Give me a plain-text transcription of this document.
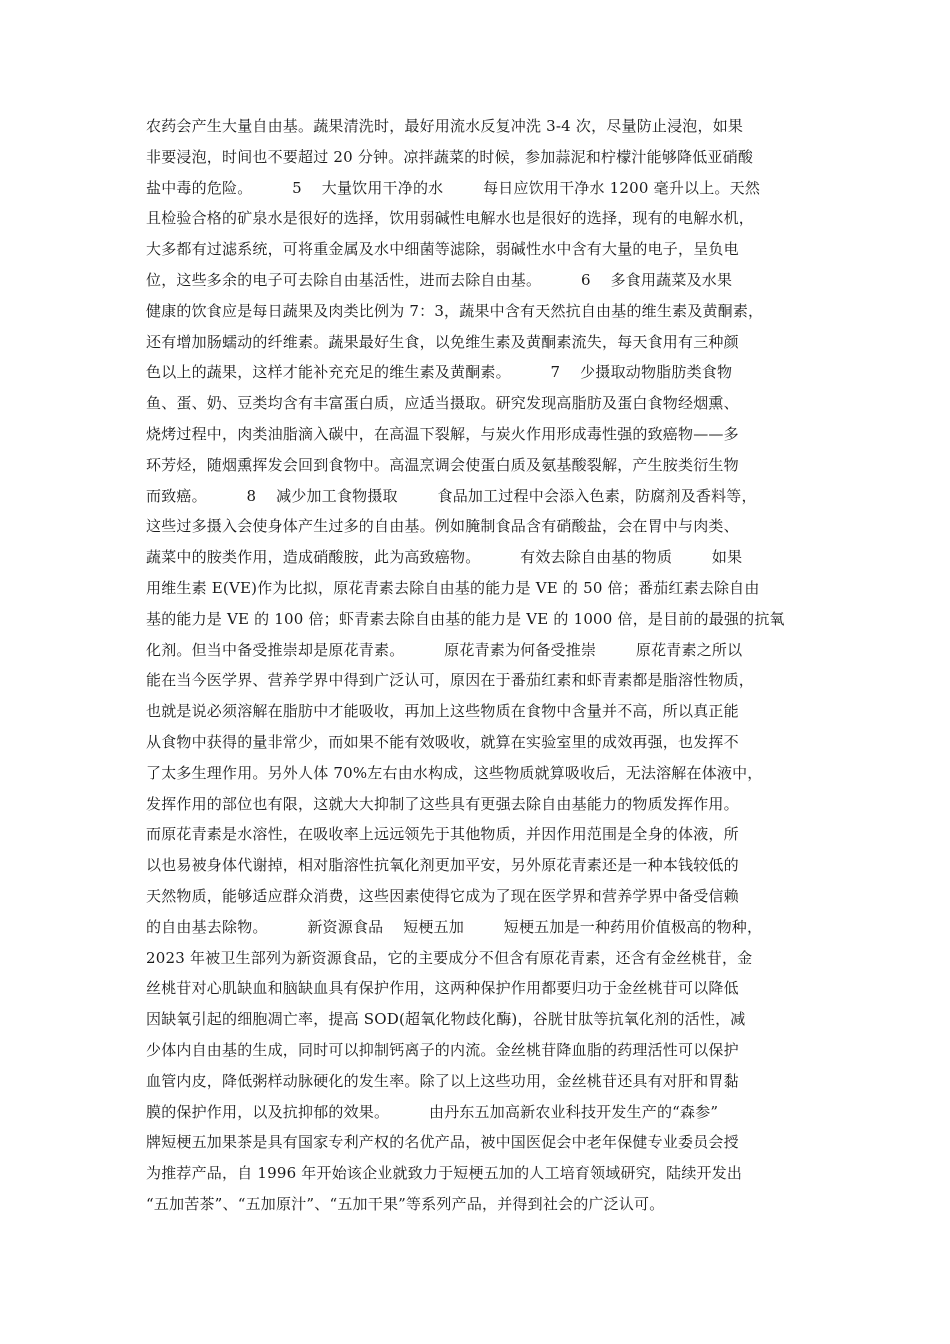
农药会产生大量自由基。蔬果清洗时，最好用流水反复冲洗 3-4 次，尽量防止浸泡，如果
非要浸泡，时间也不要超过 20 分钟。凉拌蔬菜的时候，参加蒜泥和柠檬汁能够降低亚硝酸
盐中毒的危险。        5    大量饮用干净的水        每日应饮用干净水 1200 毫升以上。天然
且检验合格的矿泉水是很好的选择，饮用弱碱性电解水也是很好的选择，现有的电解水机，
大多都有过滤系统，可将重金属及水中细菌等滤除，弱碱性水中含有大量的电子，呈负电
位，这些多余的电子可去除自由基活性，进而去除自由基。        6    多食用蔬菜及水果
健康的饮食应是每日蔬果及肉类比例为 7：3，蔬果中含有天然抗自由基的维生素及黄酮素，
还有增加肠蠕动的纤维素。蔬果最好生食，以免维生素及黄酮素流失，每天食用有三种颜
色以上的蔬果，这样才能补充充足的维生素及黄酮素。        7    少摄取动物脂肪类食物
鱼、蛋、奶、豆类均含有丰富蛋白质，应适当摄取。研究发现高脂肪及蛋白食物经烟熏、
烧烤过程中，肉类油脂滴入碳中，在高温下裂解，与炭火作用形成毒性强的致癌物——多
环芳烃，随烟熏挥发会回到食物中。高温烹调会使蛋白质及氨基酸裂解，产生胺类衍生物
而致癌。        8    减少加工食物摄取        食品加工过程中会添入色素，防腐剂及香料等，
这些过多摄入会使身体产生过多的自由基。例如腌制食品含有硝酸盐，会在胃中与肉类、
蔬菜中的胺类作用，造成硝酸胺，此为高致癌物。        有效去除自由基的物质        如果
用维生素 E(VE)作为比拟，原花青素去除自由基的能力是 VE 的 50 倍；番茄红素去除自由
基的能力是 VE 的 100 倍；虾青素去除自由基的能力是 VE 的 1000 倍，是目前的最强的抗氧
化剂。但当中备受推崇却是原花青素。        原花青素为何备受推崇        原花青素之所以
能在当今医学界、营养学界中得到广泛认可，原因在于番茄红素和虾青素都是脂溶性物质，
也就是说必须溶解在脂肪中才能吸收，再加上这些物质在食物中含量并不高，所以真正能
从食物中获得的量非常少，而如果不能有效吸收，就算在实验室里的成效再强，也发挥不
了太多生理作用。另外人体 70%左右由水构成，这些物质就算吸收后，无法溶解在体液中，
发挥作用的部位也有限，这就大大抑制了这些具有更强去除自由基能力的物质发挥作用。
而原花青素是水溶性，在吸收率上远远领先于其他物质，并因作用范围是全身的体液，所
以也易被身体代谢掉，相对脂溶性抗氧化剂更加平安，另外原花青素还是一种本钱较低的
天然物质，能够适应群众消费，这些因素使得它成为了现在医学界和营养学界中备受信赖
的自由基去除物。        新资源食品    短梗五加        短梗五加是一种药用价值极高的物种，
2023 年被卫生部列为新资源食品，它的主要成分不但含有原花青素，还含有金丝桃苷，金
丝桃苷对心肌缺血和脑缺血具有保护作用，这两种保护作用都要归功于金丝桃苷可以降低
因缺氧引起的细胞凋亡率，提高 SOD(超氧化物歧化酶)，谷胱甘肽等抗氧化剂的活性，减
少体内自由基的生成，同时可以抑制钙离子的内流。金丝桃苷降血脂的药理活性可以保护
血管内皮，降低粥样动脉硬化的发生率。除了以上这些功用，金丝桃苷还具有对肝和胃黏
膜的保护作用，以及抗抑郁的效果。        由丹东五加高新农业科技开发生产的“森参”
牌短梗五加果茶是具有国家专利产权的名优产品，被中国医促会中老年保健专业委员会授
为推荐产品，自 1996 年开始该企业就致力于短梗五加的人工培育领域研究，陆续开发出
“五加苦茶”、“五加原汁”、“五加干果”等系列产品，并得到社会的广泛认可。
